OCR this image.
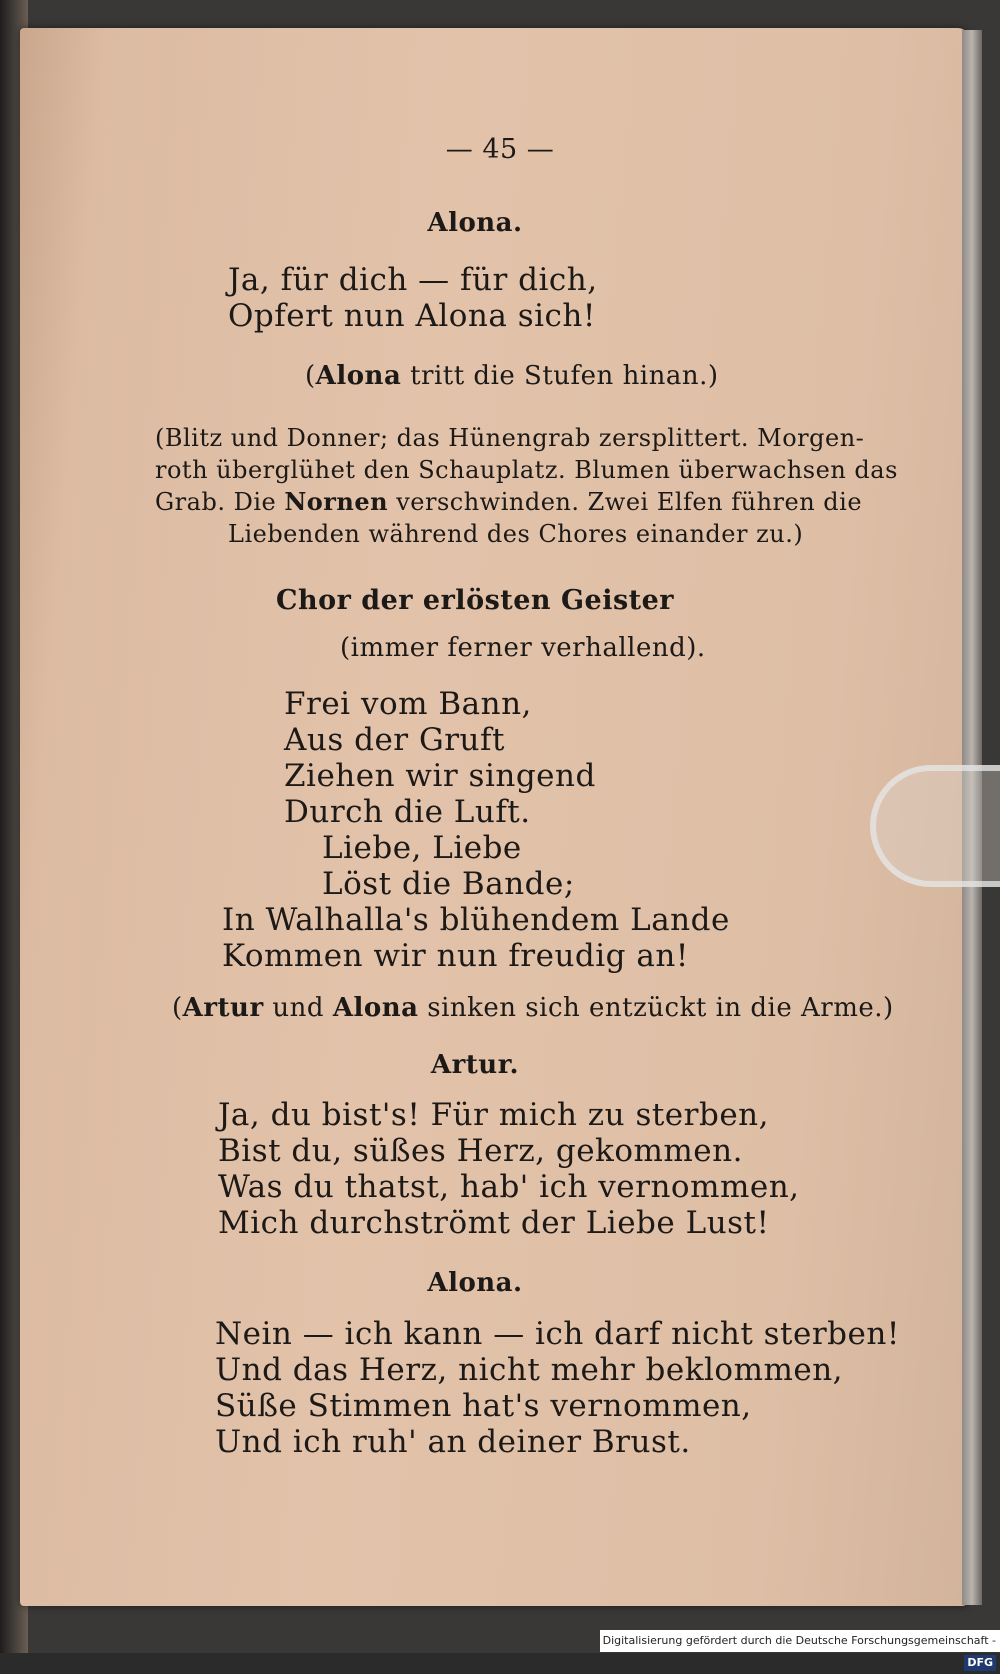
— 45 —
Alona.
Ja, für dich — für dich,
Opfert nun Alona sich!
(Alona tritt die Stufen hinan.)
(Blitz und Donner; das Hünengrab zersplittert. Morgen-
roth überglühet den Schauplatz. Blumen überwachsen das
Grab. Die Nornen verschwinden. Zwei Elfen führen die
Liebenden während des Chores einander zu.)
Chor der erlösten Geister
(immer ferner verhallend).
Frei vom Bann,
Aus der Gruft
Ziehen wir singend
Durch die Luft.
Liebe, Liebe
Löst die Bande;
In Walhalla's blühendem Lande
Kommen wir nun freudig an!
(Artur und Alona sinken sich entzückt in die Arme.)
Artur.
Ja, du bist's! Für mich zu sterben,
Bist du, süßes Herz, gekommen.
Was du thatst, hab' ich vernommen,
Mich durchströmt der Liebe Lust!
Alona.
Nein — ich kann — ich darf nicht sterben!
Und das Herz, nicht mehr beklommen,
Süße Stimmen hat's vernommen,
Und ich ruh' an deiner Brust.
Digitalisierung gefördert durch die Deutsche Forschungsgemeinschaft -DFG
